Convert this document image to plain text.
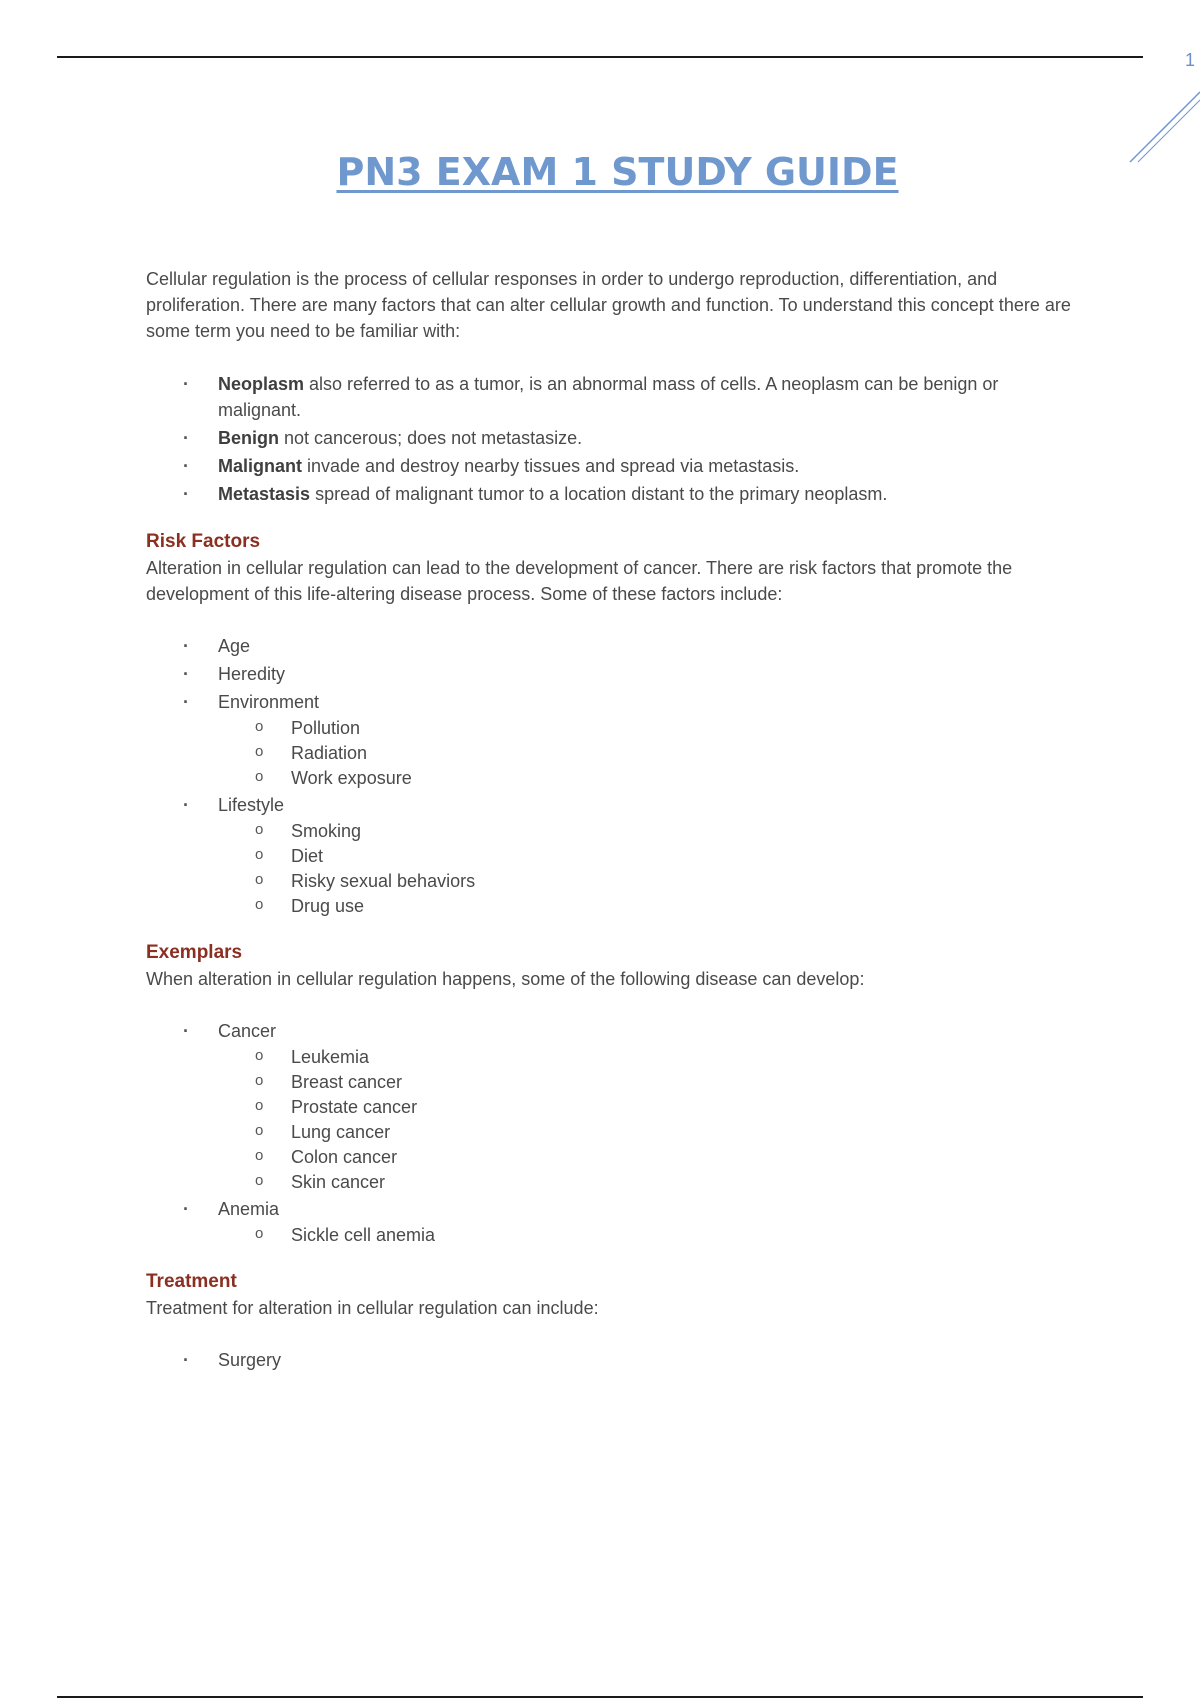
1
PN3 EXAM 1 STUDY GUIDE

Cellular regulation is the process of cellular responses in order to undergo reproduction, differentiation, and proliferation. There are many factors that can alter cellular growth and function. To understand this concept there are some term you need to be familiar with:

· Neoplasm also referred to as a tumor, is an abnormal mass of cells. A neoplasm can be benign or malignant.
· Benign not cancerous; does not metastasize.
· Malignant invade and destroy nearby tissues and spread via metastasis.
· Metastasis spread of malignant tumor to a location distant to the primary neoplasm.
Risk Factors

Alteration in cellular regulation can lead to the development of cancer. There are risk factors that promote the development of this life-altering disease process. Some of these factors include:

· Age
· Heredity
· Environment
o Pollution
o Radiation
o Work exposure
· Lifestyle
o Smoking
o Diet
o Risky sexual behaviors
o Drug use
Exemplars

When alteration in cellular regulation happens, some of the following disease can develop:

· Cancer
o Leukemia
o Breast cancer
o Prostate cancer
o Lung cancer
o Colon cancer
o Skin cancer
· Anemia
o Sickle cell anemia
Treatment

Treatment for alteration in cellular regulation can include:

· Surgery
